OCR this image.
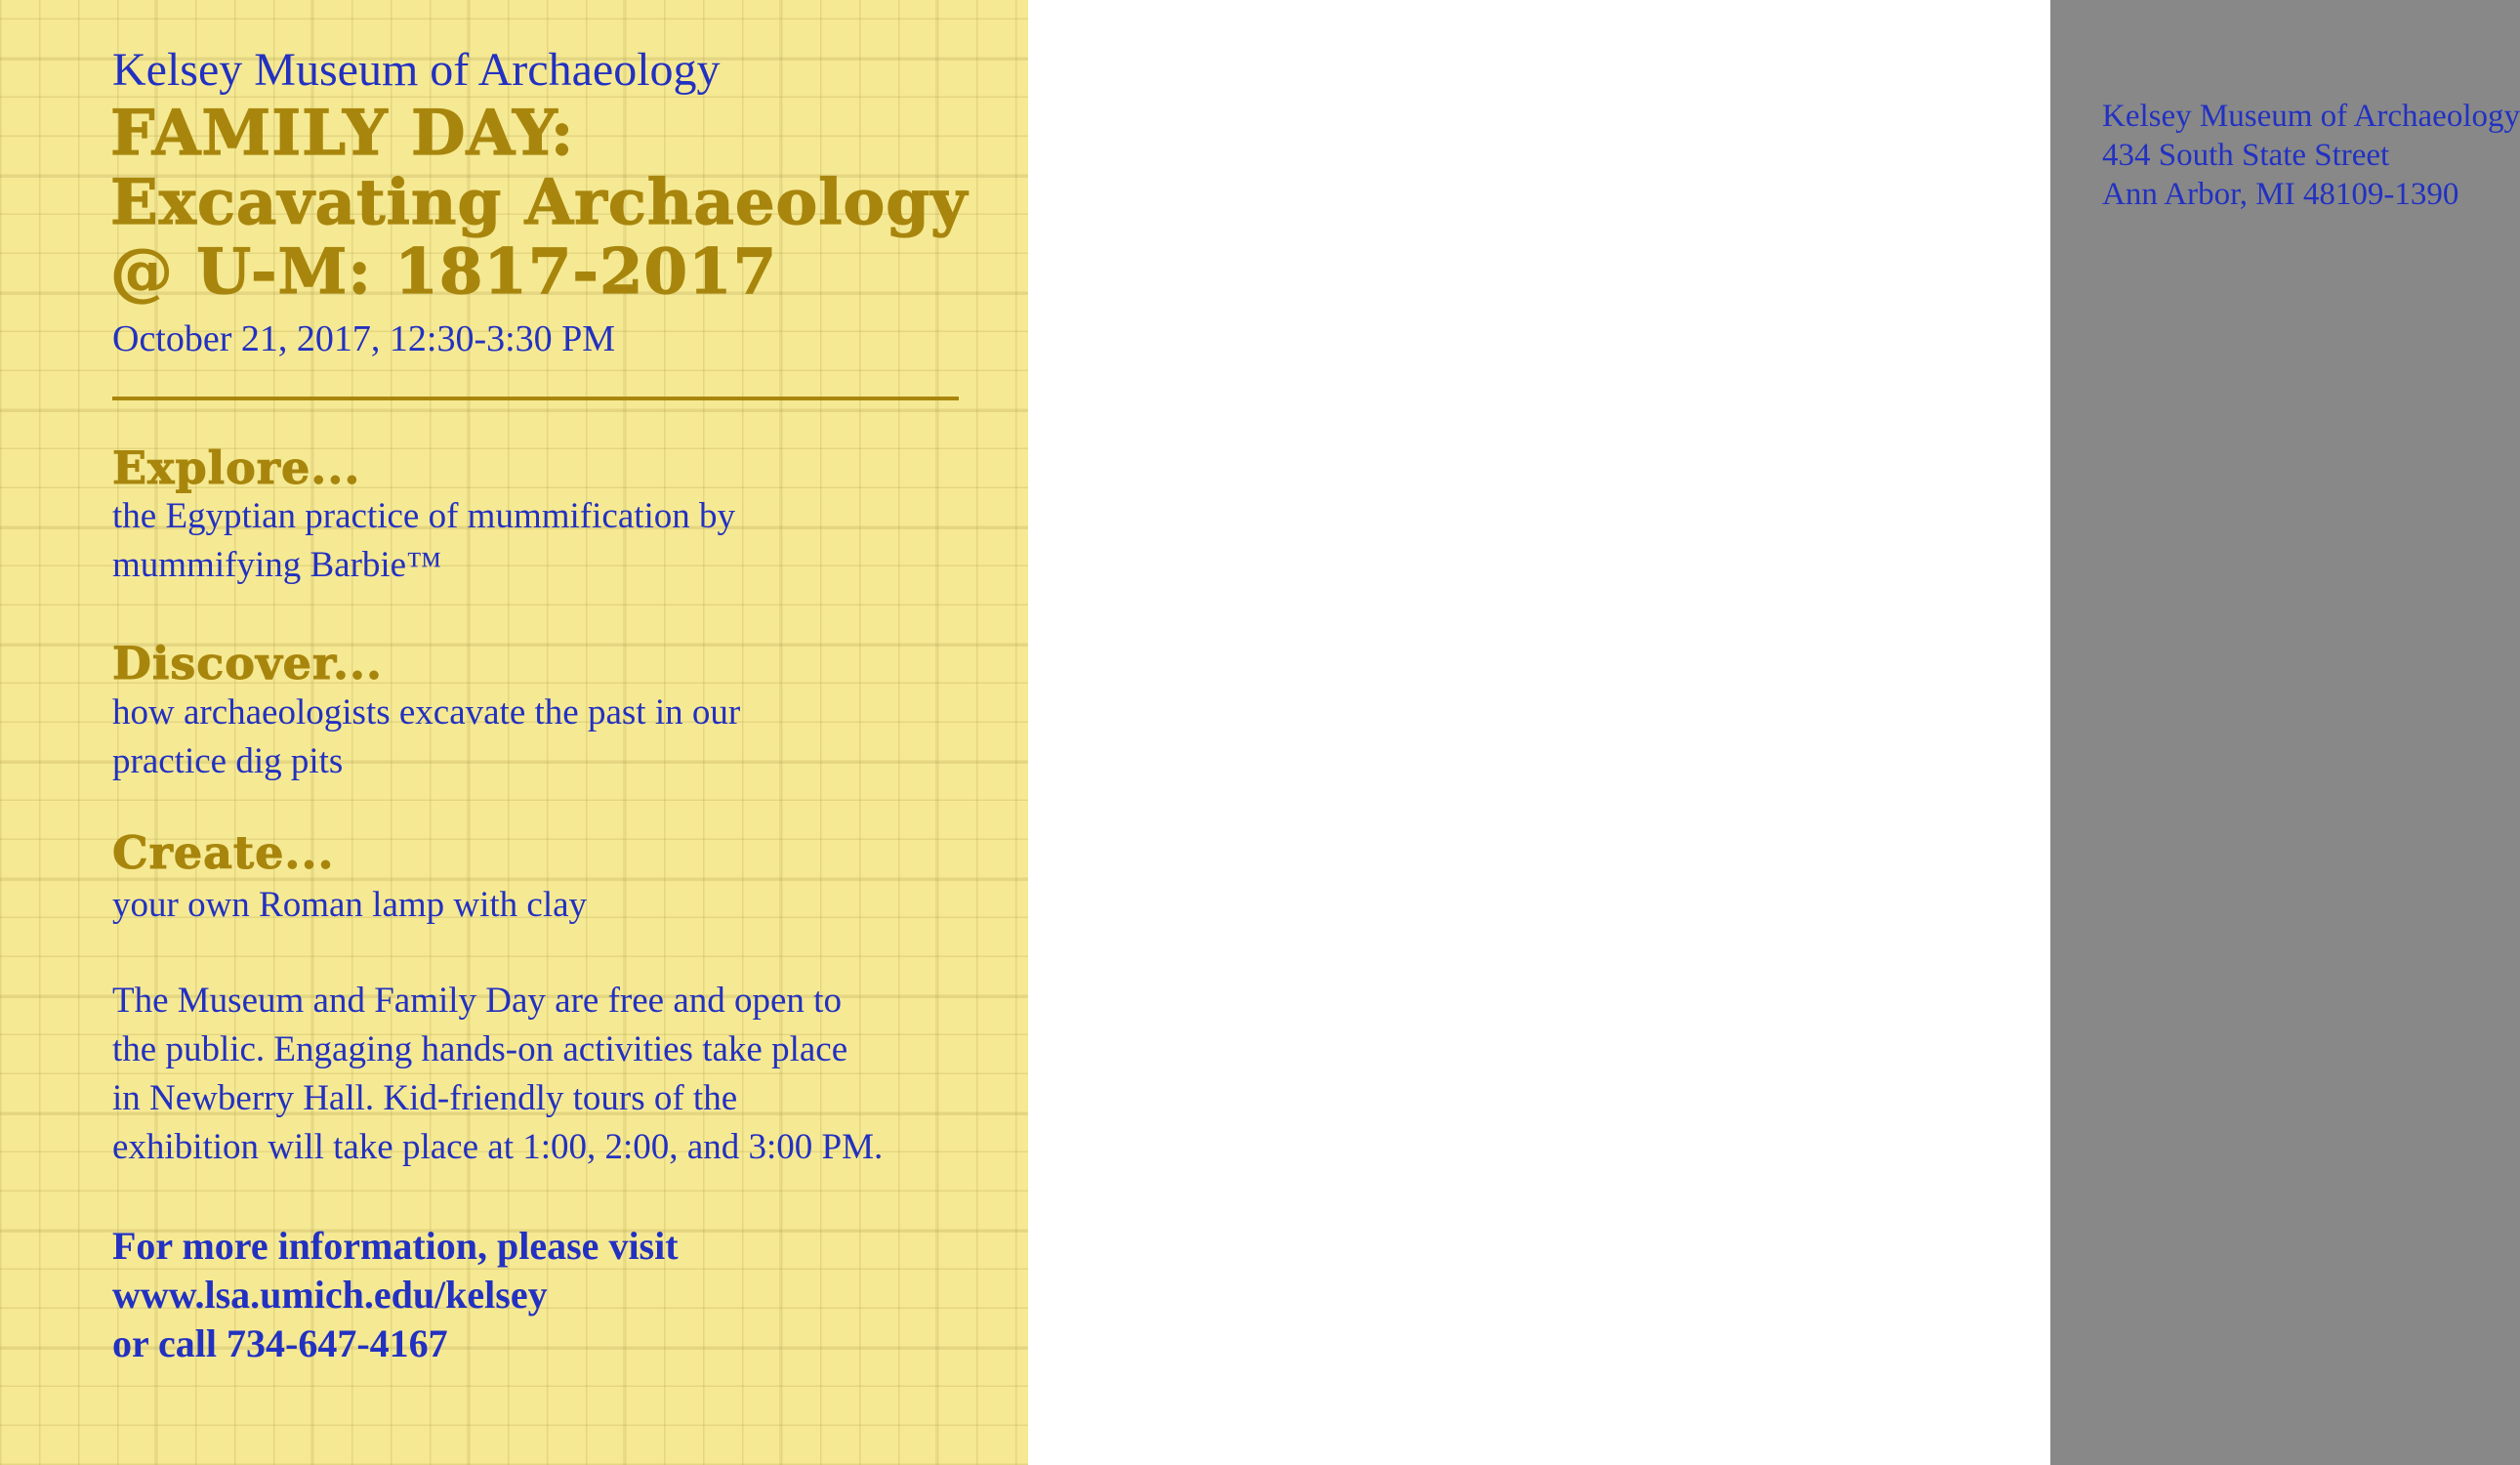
Kelsey Museum of Archaeology
FAMILY DAY:
Excavating Archaeology
@ U-M: 1817-2017
October 21, 2017, 12:30-3:30 PM
Explore...
the Egyptian practice of mummification by
mummifying Barbie™
Discover...
how archaeologists excavate the past in our
practice dig pits
Create...
your own Roman lamp with clay
The Museum and Family Day are free and open to
the public. Engaging hands-on activities take place
in Newberry Hall. Kid-friendly tours of the
exhibition will take place at 1:00, 2:00, and 3:00 PM.
For more information, please visit
www.lsa.umich.edu/kelsey
or call 734-647-4167
Kelsey Museum of Archaeology
434 South State Street
Ann Arbor, MI 48109-1390
